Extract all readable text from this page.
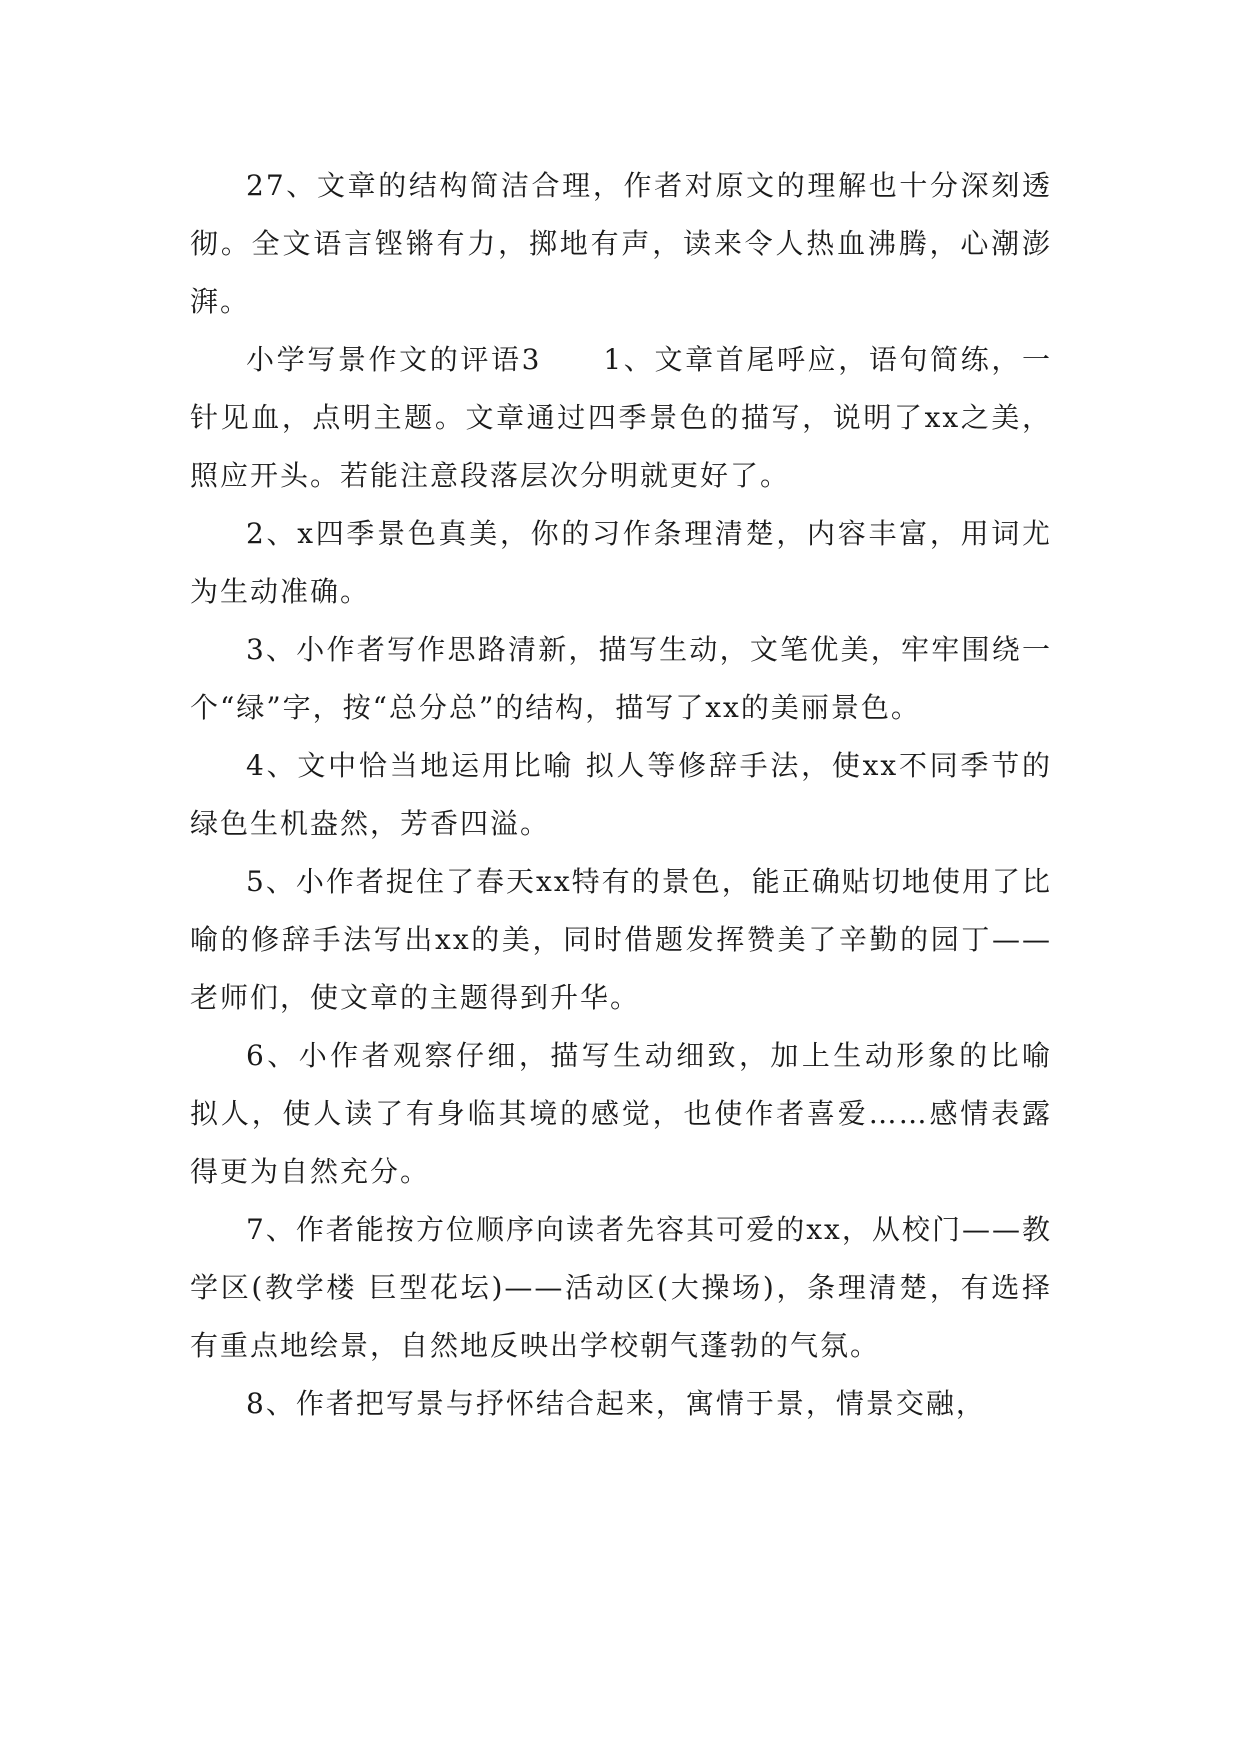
27、文章的结构简洁合理，作者对原文的理解也十分深刻透彻。全文语言铿锵有力，掷地有声，读来令人热血沸腾，心潮澎湃。

小学写景作文的评语3　　1、文章首尾呼应，语句简练，一针见血，点明主题。文章通过四季景色的描写，说明了xx之美，照应开头。若能注意段落层次分明就更好了。

2、x四季景色真美，你的习作条理清楚，内容丰富，用词尤为生动准确。

3、小作者写作思路清新，描写生动，文笔优美，牢牢围绕一个“绿”字，按“总分总”的结构，描写了xx的美丽景色。

4、文中恰当地运用比喻 拟人等修辞手法，使xx不同季节的绿色生机盎然，芳香四溢。

5、小作者捉住了春天xx特有的景色，能正确贴切地使用了比喻的修辞手法写出xx的美，同时借题发挥赞美了辛勤的园丁——老师们，使文章的主题得到升华。

6、小作者观察仔细，描写生动细致，加上生动形象的比喻 拟人，使人读了有身临其境的感觉，也使作者喜爱……感情表露得更为自然充分。

7、作者能按方位顺序向读者先容其可爱的xx，从校门——教学区(教学楼 巨型花坛)——活动区(大操场)，条理清楚，有选择 有重点地绘景，自然地反映出学校朝气蓬勃的气氛。

8、作者把写景与抒怀结合起来，寓情于景，情景交融，
